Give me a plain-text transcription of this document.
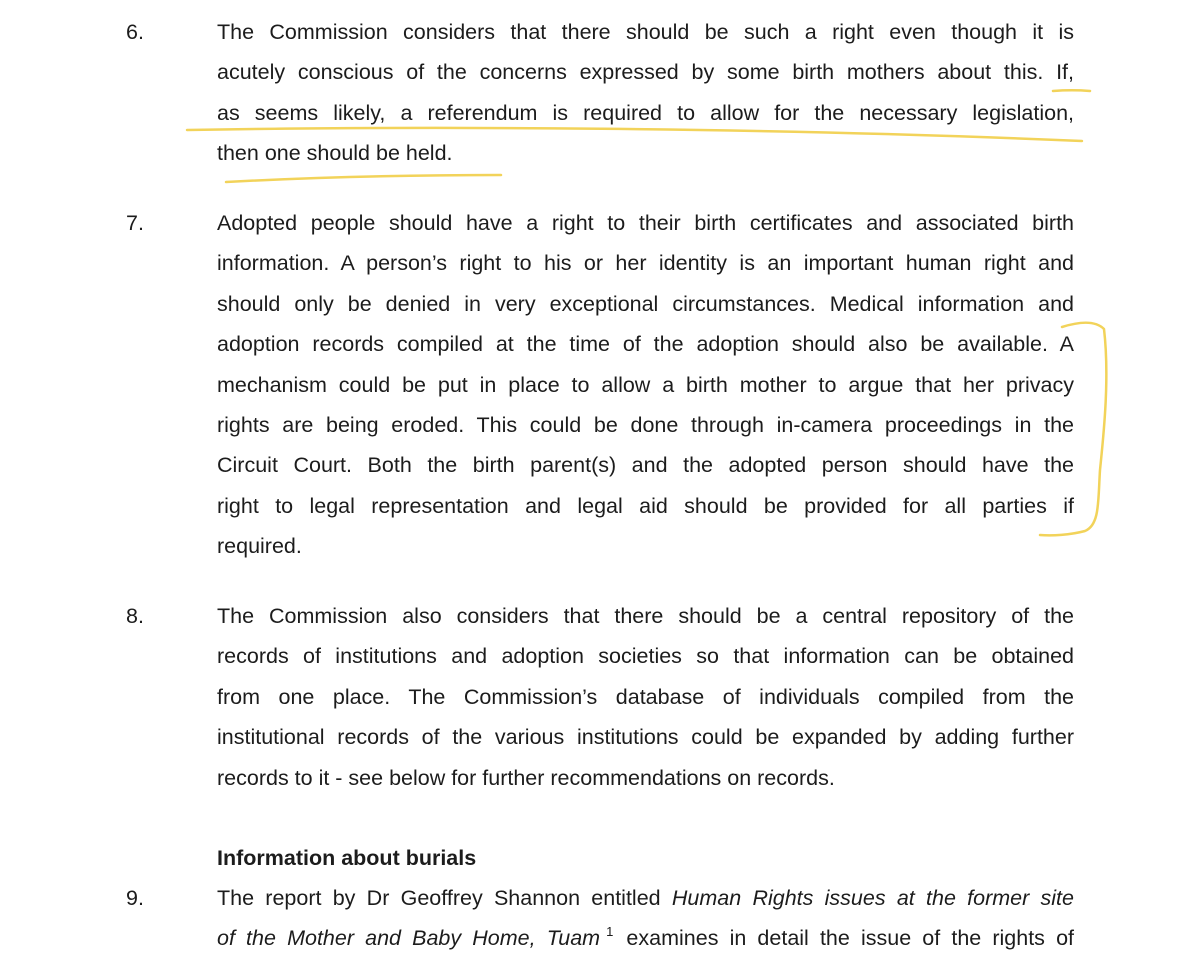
6.	The Commission considers that there should be such a right even though it is
acutely conscious of the concerns expressed by some birth mothers about this. If,
as seems likely, a referendum is required to allow for the necessary legislation,
then one should be held.
7.	Adopted people should have a right to their birth certificates and associated birth
information. A person’s right to his or her identity is an important human right and
should only be denied in very exceptional circumstances. Medical information and
adoption records compiled at the time of the adoption should also be available. A
mechanism could be put in place to allow a birth mother to argue that her privacy
rights are being eroded. This could be done through in-camera proceedings in the
Circuit Court. Both the birth parent(s) and the adopted person should have the
right to legal representation and legal aid should be provided for all parties if
required.
8.	The Commission also considers that there should be a central repository of the
records of institutions and adoption societies so that information can be obtained
from one place. The Commission’s database of individuals compiled from the
institutional records of the various institutions could be expanded by adding further
records to it - see below for further recommendations on records.
Information about burials
9.	The report by Dr Geoffrey Shannon entitled Human Rights issues at the former site
of the Mother and Baby Home, Tuam $^1$ examines in detail the issue of the rights of
